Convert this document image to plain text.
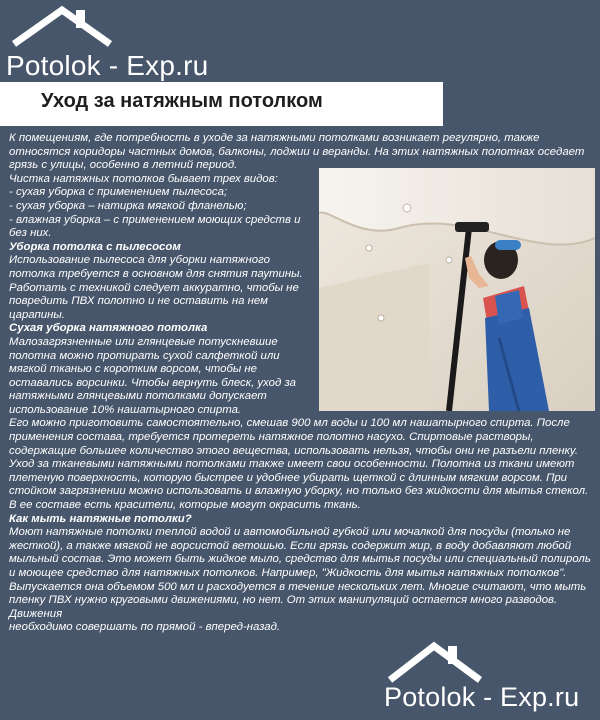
Potolok - Exp.ru
Уход за натяжным потолком

К помещениям, где потребность в уходе за натяжными потолками возникает регулярно, также относятся коридоры частных домов, балконы, лоджии и веранды. На этих натяжных полотнах оседает грязь с улицы, особенно в летний период.

Чистка натяжных потолков бывает трех видов:

- сухая уборка с применением пылесоса;

- сухая уборка – натирка мягкой фланелью;

- влажная уборка – с применением моющих средств и без них.

Уборка потолка с пылесосом

Использование пылесоса для уборки натяжного потолка требуется в основном для снятия паутины. Работать с техникой следует аккуратно, чтобы не повредить ПВХ полотно и не оставить на нем царапины.

Сухая уборка натяжного потолка

Малозагрязненные или глянцевые потускневшие полотна можно протирать сухой салфеткой или мягкой тканью с коротким ворсом, чтобы не оставались ворсинки. Чтобы вернуть блеск, уход за натяжными глянцевыми потолками допускает использование 10% нашатырного спирта.

Его можно приготовить самостоятельно, смешав 900 мл воды и 100 мл нашатырного спирта. После применения состава, требуется протереть натяжное полотно насухо. Спиртовые растворы, содержащие большее количество этого вещества, использовать нельзя, чтобы они не разъели пленку.

Уход за тканевыми натяжными потолками также имеет свои особенности. Полотна из ткани имеют плетеную поверхность, которую быстрее и удобнее убирать щеткой с длинным мягким ворсом. При стойком загрязнении можно использовать и влажную уборку, но только без жидкости для мытья стекол. В ее составе есть красители, которые могут окрасить ткань.

Как мыть натяжные потолки?

Моют натяжные потолки теплой водой и автомобильной губкой или мочалкой для посуды (только не жесткой), а также мягкой не ворсистой ветошью. Если грязь содержит жир, в воду добавляют любой мыльный состав. Это может быть жидкое мыло, средство для мытья посуды или специальный полироль и моющее средство для натяжных потолков. Например, "Жидкость для мытья натяжных потолков". Выпускается она объемом 500 мл и расходуется в течение нескольких лет. Многие считают, что мыть пленку ПВХ нужно круговыми движениями, но нет. От этих манипуляций остается много разводов. Движения

необходимо совершать по прямой - вперед-назад.

Potolok - Exp.ru
